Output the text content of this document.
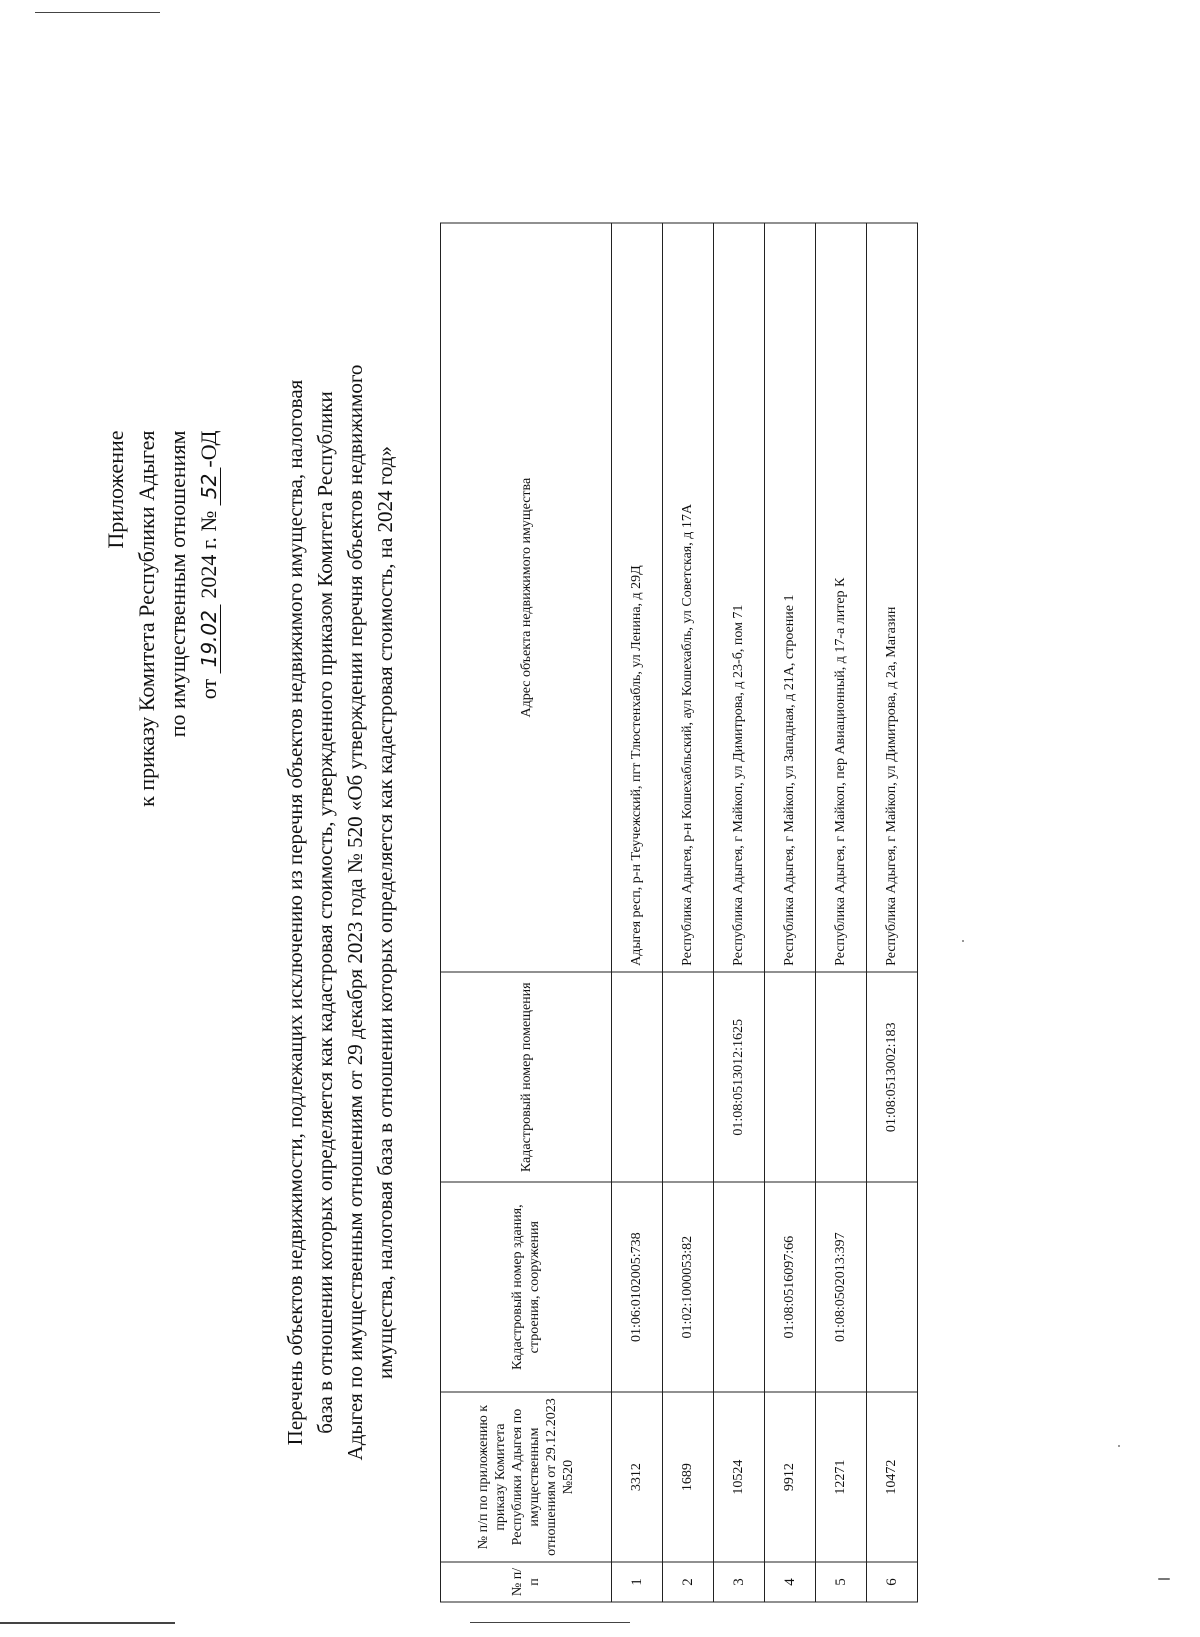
Приложение к приказу Комитета Республики Адыгея по имущественным отношениям от 19.02 2024 г. № 52-ОД	Перечень объектов недвижимости, подлежащих исключению из перечня объектов недвижимого имущества, налоговая база в отношении которых определяется как кадастровая стоимость, утвержденного приказом Комитета Республики Адыгея по имущественным отношениям от 29 декабря 2023 года № 520 «Об утверждении перечня объектов недвижимого имущества, налоговая база в отношении которых определяется как кадастровая стоимость, на 2024 год»
№ п/п	№ п/п по приложению к приказу Комитета Республики Адыгея по имущественным отношениям от 29.12.2023 №520	Кадастровый номер здания, строения, сооружения	Кадастровый номер помещения	Адрес объекта недвижимого имущества
1	3312	01:06:0102005:738		Адыгея респ, р-н Теучежский, пгт Тлюстенхабль, ул Ленина, д 29Д
2	1689	01:02:1000053:82		Республика Адыгея, р-н Кошехабльский, аул Кошехабль, ул Советская, д 17А
3	10524		01:08:0513012:1625	Республика Адыгея, г Майкоп, ул Димитрова, д 23-б, пом 71
4	9912	01:08:0516097:66		Республика Адыгея, г Майкоп, ул Западная, д 21А, строение 1
5	12271	01:08:0502013:397		Республика Адыгея, г Майкоп, пер Авиационный, д 17-а литер К
6	10472		01:08:0513002:183	Республика Адыгея, г Майкоп, ул Димитрова, д 2а, Магазин
